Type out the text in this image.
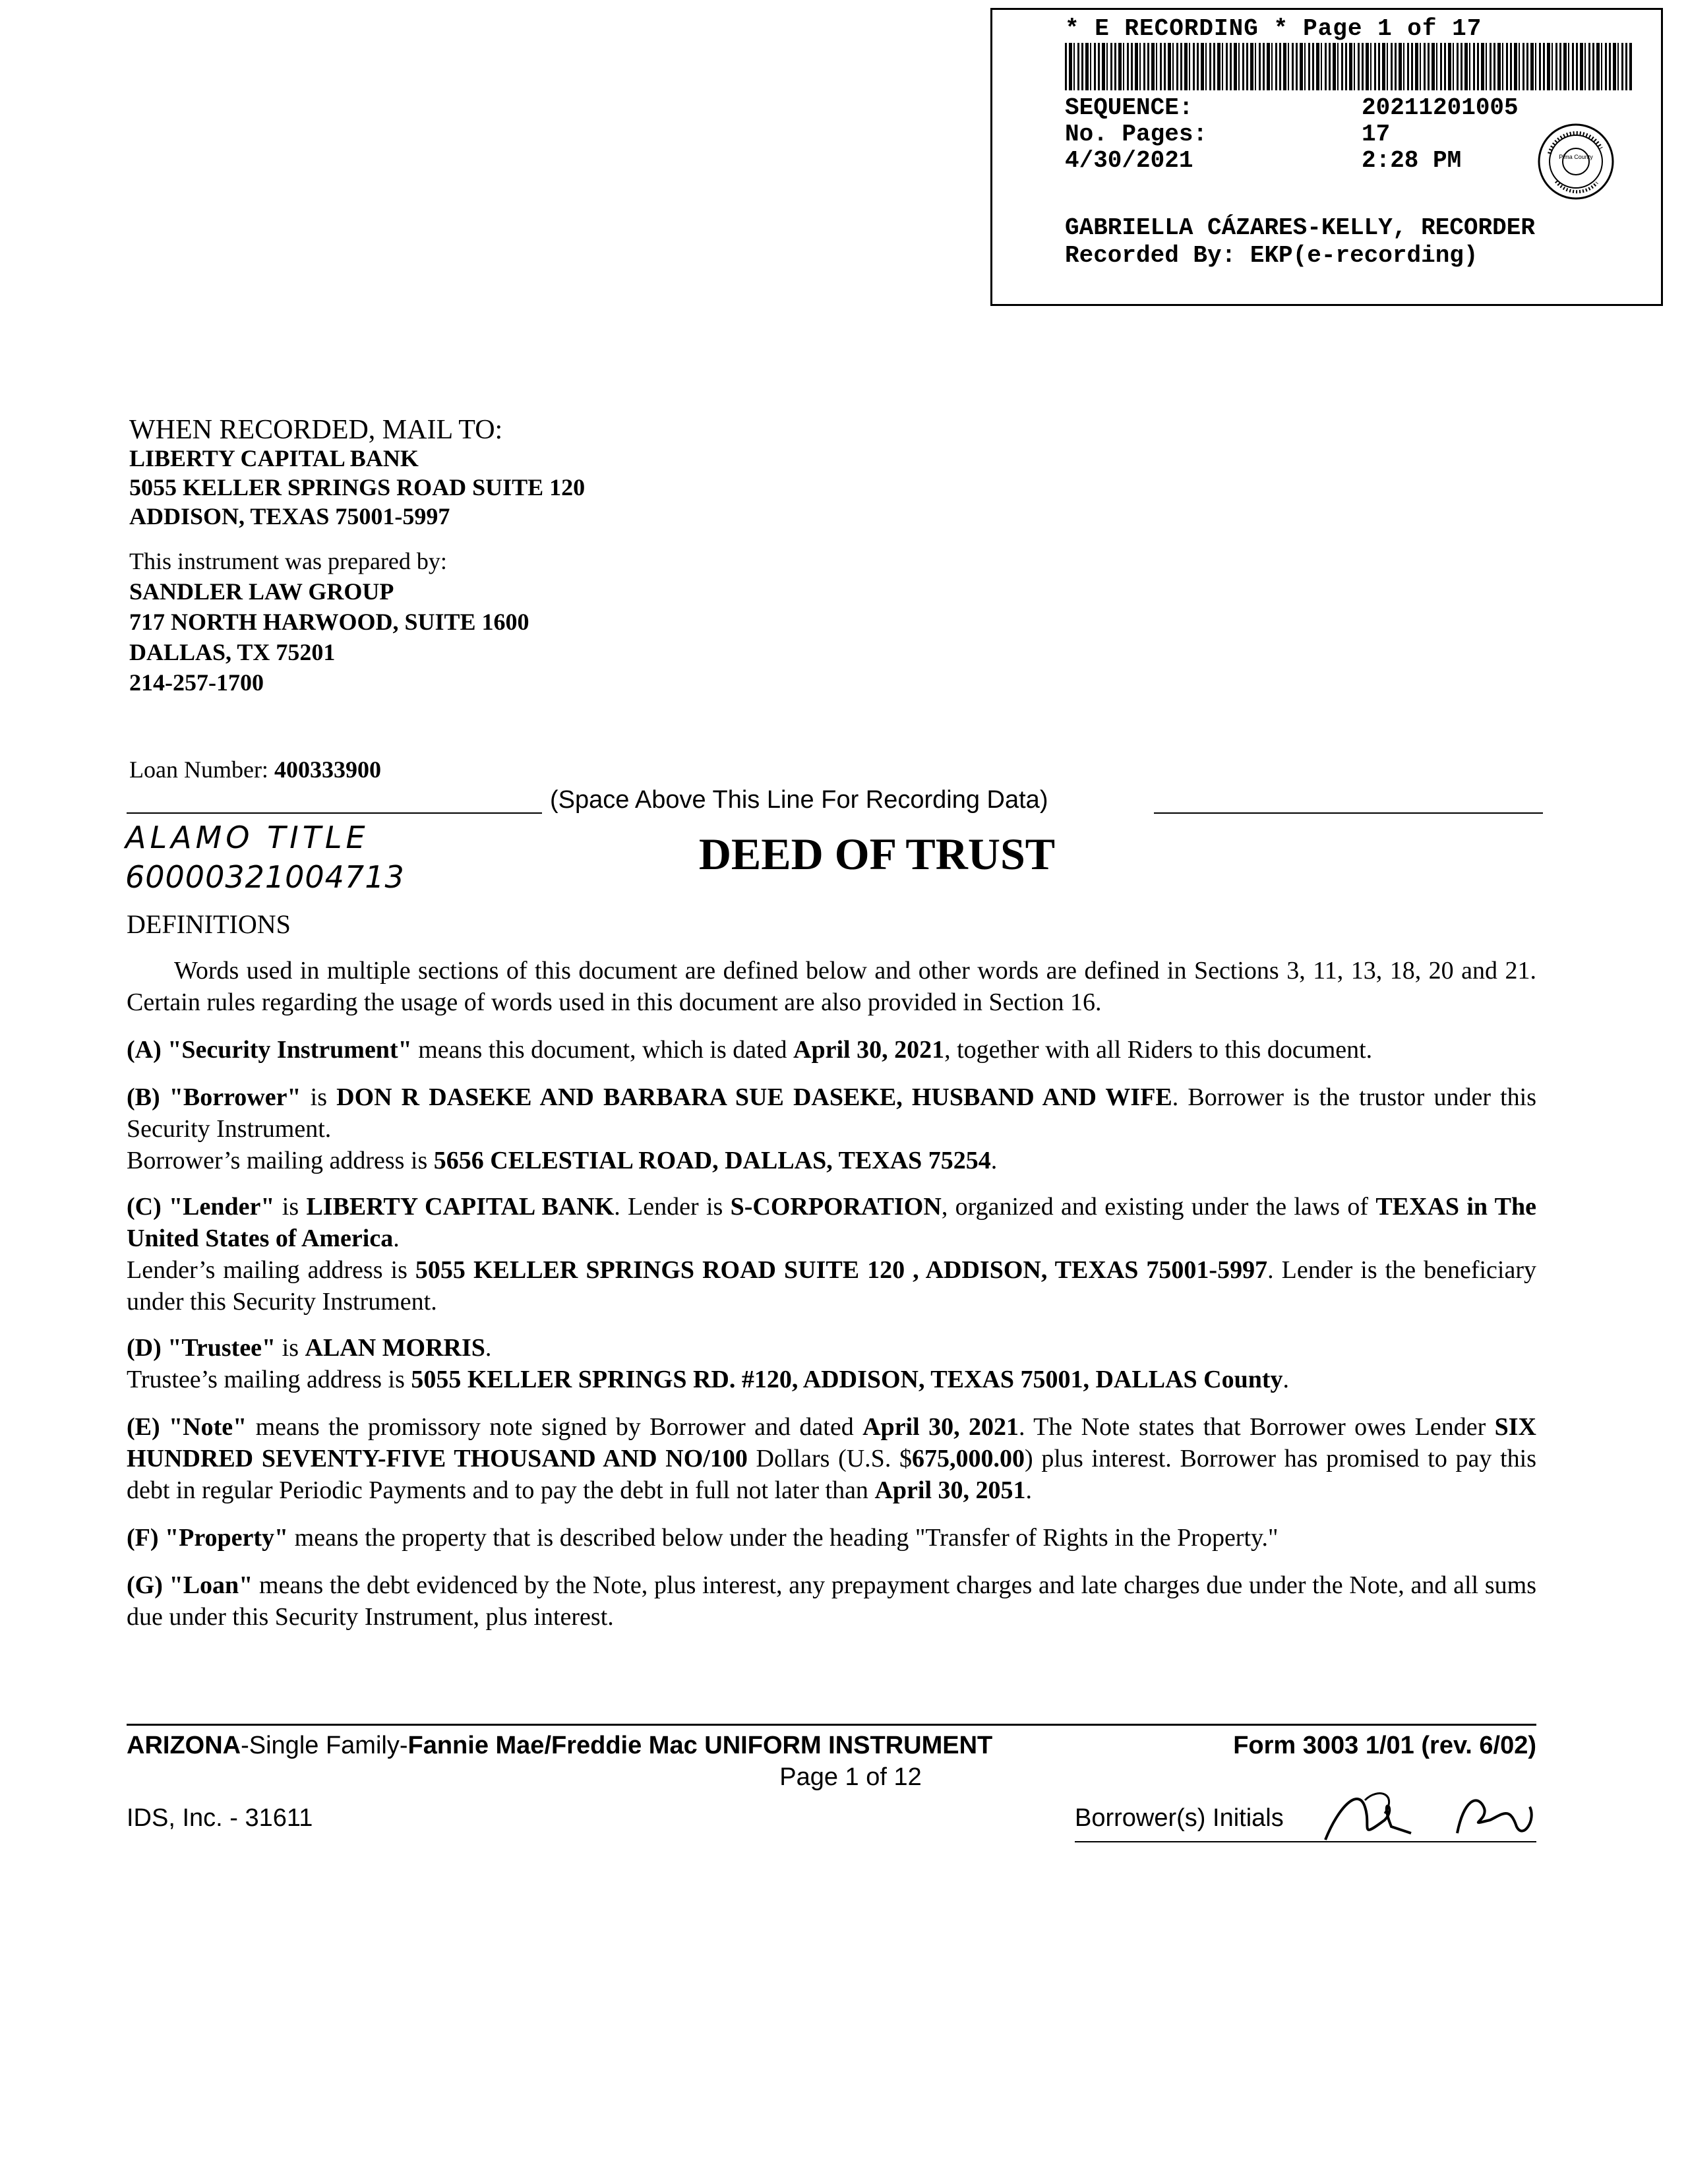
* E RECORDING * Page 1 of 17
SEQUENCE:	20211201005
No. Pages:	17
4/30/2021	2:28 PM	Pima County
GABRIELLA CÁZARES-KELLY, RECORDER
Recorded By: EKP(e-recording)
WHEN RECORDED, MAIL TO:
LIBERTY CAPITAL BANK
5055 KELLER SPRINGS ROAD SUITE 120
ADDISON, TEXAS 75001-5997
This instrument was prepared by:
SANDLER LAW GROUP
717 NORTH HARWOOD, SUITE 1600
DALLAS, TX 75201
214-257-1700
Loan Number: 400333900
(Space Above This Line For Recording Data)
ALAMO TITLE
60000321004713	DEED OF TRUST
DEFINITIONS
Words used in multiple sections of this document are defined below and other words are defined in Sections 3, 11, 13, 18, 20 and 21. Certain rules regarding the usage of words used in this document are also provided in Section 16.
(A) "Security Instrument" means this document, which is dated April 30, 2021, together with all Riders to this document.
(B) "Borrower" is DON R DASEKE AND BARBARA SUE DASEKE, HUSBAND AND WIFE. Borrower is the trustor under this Security Instrument.
Borrower’s mailing address is 5656 CELESTIAL ROAD, DALLAS, TEXAS 75254.
(C) "Lender" is LIBERTY CAPITAL BANK. Lender is S-CORPORATION, organized and existing under the laws of TEXAS in The United States of America.
Lender’s mailing address is 5055 KELLER SPRINGS ROAD SUITE 120 , ADDISON, TEXAS 75001-5997. Lender is the beneficiary under this Security Instrument.
(D) "Trustee" is ALAN MORRIS.
Trustee’s mailing address is 5055 KELLER SPRINGS RD. #120, ADDISON, TEXAS 75001, DALLAS County.
(E) "Note" means the promissory note signed by Borrower and dated April 30, 2021. The Note states that Borrower owes Lender SIX HUNDRED SEVENTY-FIVE THOUSAND AND NO/100 Dollars (U.S. $675,000.00) plus interest. Borrower has promised to pay this debt in regular Periodic Payments and to pay the debt in full not later than April 30, 2051.
(F) "Property" means the property that is described below under the heading "Transfer of Rights in the Property."
(G) "Loan" means the debt evidenced by the Note, plus interest, any prepayment charges and late charges due under the Note, and all sums due under this Security Instrument, plus interest.
ARIZONA-Single Family-Fannie Mae/Freddie Mac UNIFORM INSTRUMENT	Form 3003 1/01 (rev. 6/02)
Page 1 of 12
IDS, Inc. - 31611	Borrower(s) Initials
